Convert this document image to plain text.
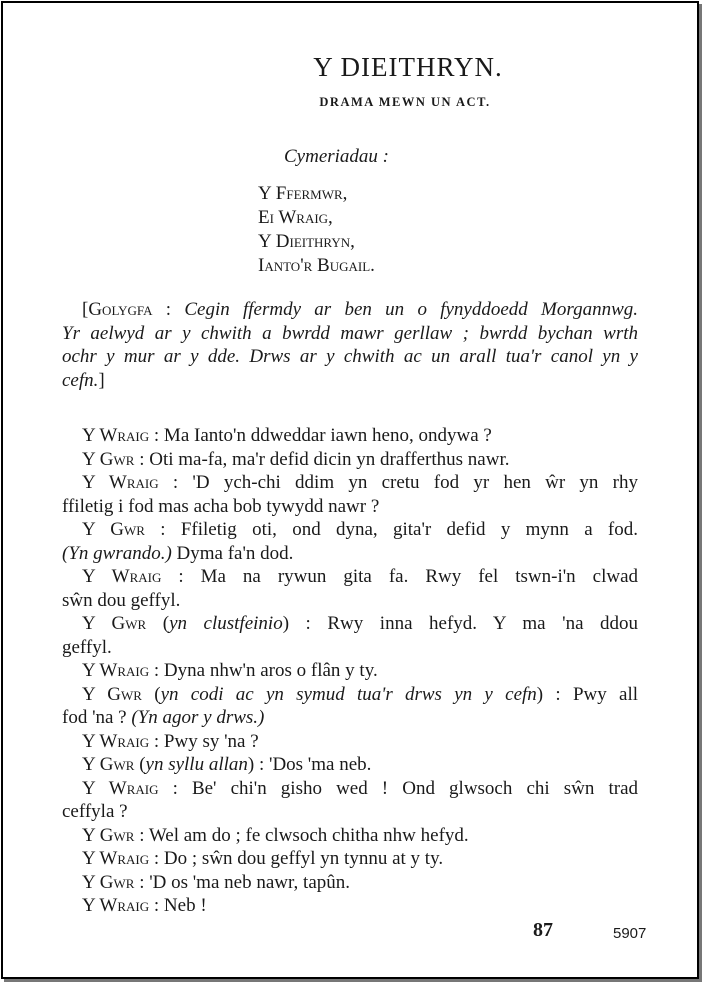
Y DIEITHRYN.
DRAMA MEWN UN ACT.
Cymeriadau :
Y Ffermwr,
Ei Wraig,
Y Dieithryn,
Ianto'r Bugail.
[Golygfa : Cegin ffermdy ar ben un o fynyddoedd Morgannwg.
Yr aelwyd ar y chwith a bwrdd mawr gerllaw ; bwrdd bychan wrth
ochr y mur ar y dde. Drws ar y chwith ac un arall tua'r canol yn y
cefn.]
Y Wraig : Ma Ianto'n ddweddar iawn heno, ondywa ?
Y Gwr : Oti ma-fa, ma'r defid dicin yn drafferthus nawr.
Y Wraig : 'D ych-chi ddim yn cretu fod yr hen ŵr yn rhy
ffiletig i fod mas acha bob tywydd nawr ?
Y Gwr : Ffiletig oti, ond dyna, gita'r defid y mynn a fod.
(Yn gwrando.) Dyma fa'n dod.
Y Wraig : Ma na rywun gita fa. Rwy fel tswn-i'n clwad
sŵn dou geffyl.
Y Gwr (yn clustfeinio) : Rwy inna hefyd. Y ma 'na ddou
geffyl.
Y Wraig : Dyna nhw'n aros o flân y ty.
Y Gwr (yn codi ac yn symud tua'r drws yn y cefn) : Pwy all
fod 'na ? (Yn agor y drws.)
Y Wraig : Pwy sy 'na ?
Y Gwr (yn syllu allan) : 'Dos 'ma neb.
Y Wraig : Be' chi'n gisho wed ! Ond glwsoch chi sŵn trad
ceffyla ?
Y Gwr : Wel am do ; fe clwsoch chitha nhw hefyd.
Y Wraig : Do ; sŵn dou geffyl yn tynnu at y ty.
Y Gwr : 'D os 'ma neb nawr, tapûn.
Y Wraig : Neb !
87	5907
